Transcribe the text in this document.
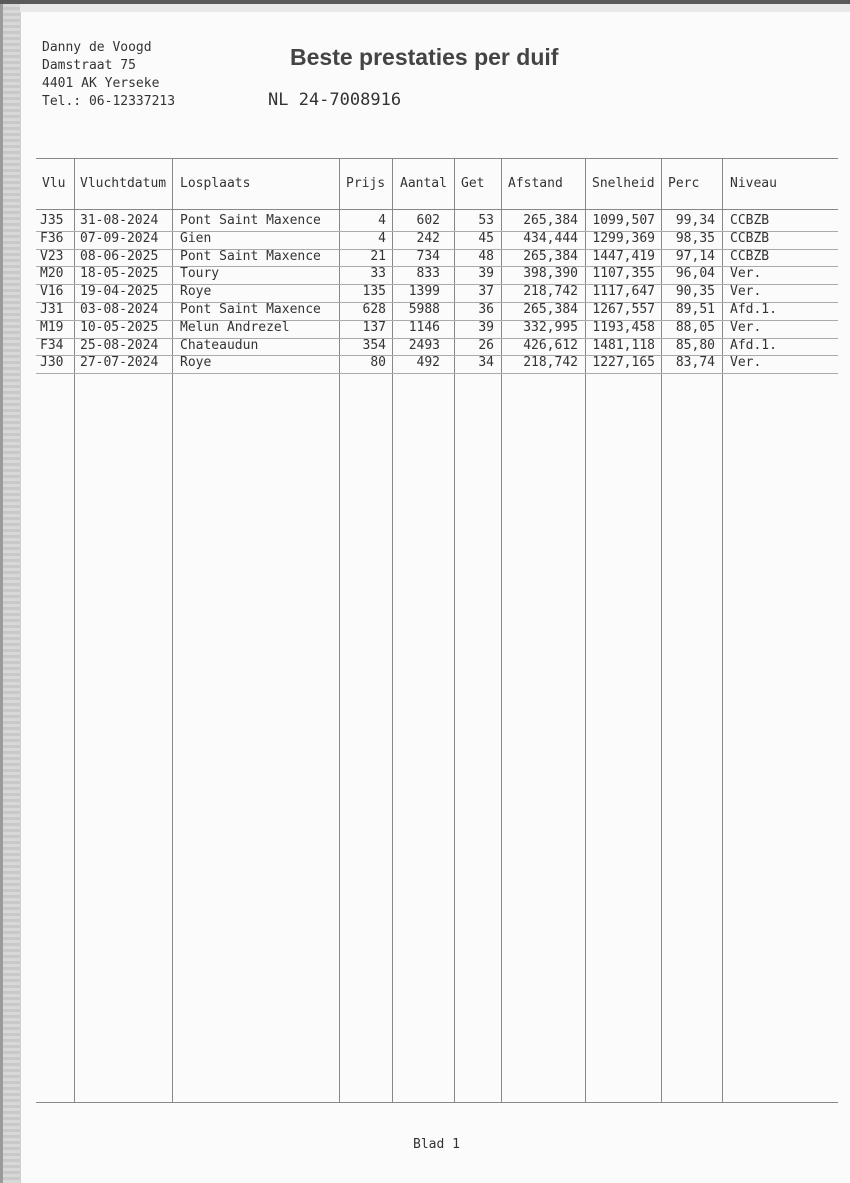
Danny de Voogd
Damstraat 75
4401 AK Yerseke
Tel.: 06-12337213
Beste prestaties per duif
NL 24-7008916
Blad 1
Vlu Vluchtdatum Losplaats	Prijs Aantal Get Afstand Snelheid Perc Niveau
J35 31-08-2024 Pont Saint Maxence	4	602	53	265,384 1099,507	99,34 CCBZB
F36 07-09-2024 Gien	4	242	45	434,444 1299,369	98,35 CCBZB
V23 08-06-2025 Pont Saint Maxence	21	734	48	265,384 1447,419	97,14 CCBZB
M20 18-05-2025 Toury	33	833	39	398,390 1107,355	96,04 Ver.
V16 19-04-2025 Roye	135	1399	37	218,742 1117,647	90,35 Ver.
J31 03-08-2024 Pont Saint Maxence	628	5988	36	265,384 1267,557	89,51 Afd.1.
M19 10-05-2025 Melun Andrezel	137	1146	39	332,995 1193,458	88,05 Ver.
F34 25-08-2024 Chateaudun	354	2493	26	426,612 1481,118	85,80 Afd.1.
J30 27-07-2024 Roye	80	492	34	218,742 1227,165	83,74 Ver.
